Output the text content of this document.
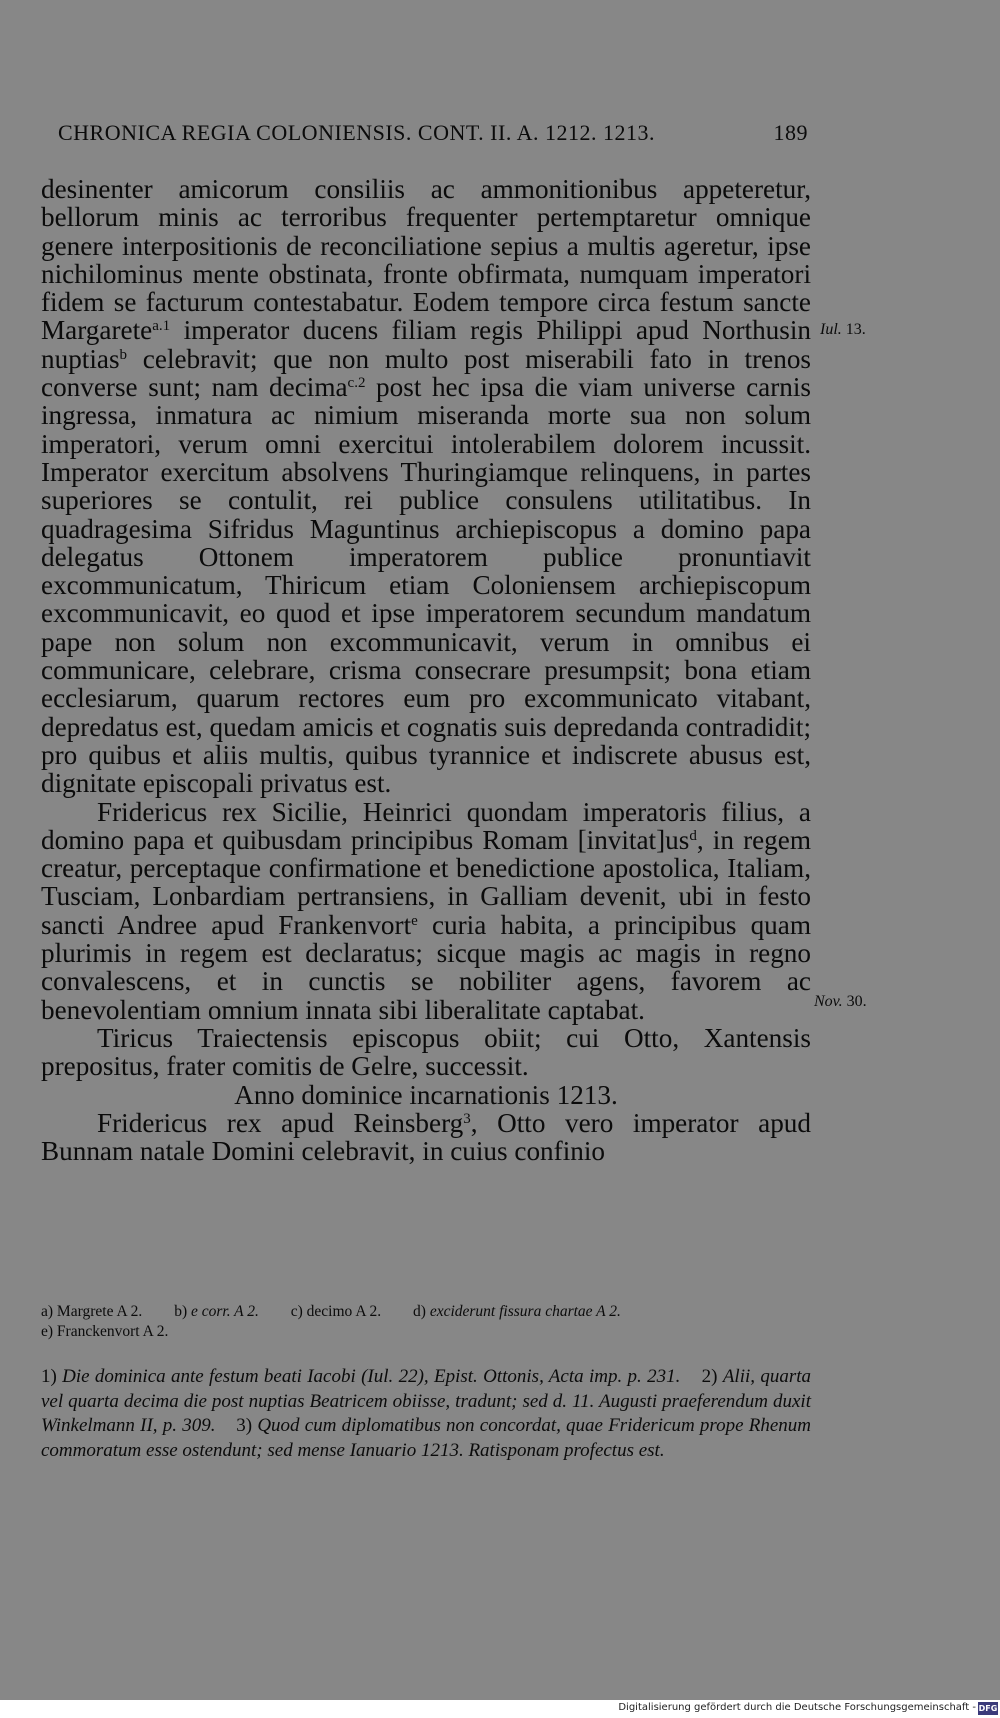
CHRONICA REGIA COLONIENSIS. CONT. II. A. 1212. 1213.	189

desinenter amicorum consiliis ac ammonitionibus appeteretur, bellorum minis ac terroribus frequenter pertemptaretur omnique genere interpositionis de reconciliatione sepius a multis ageretur, ipse nichilominus mente obstinata, fronte obfirmata, numquam imperatori fidem se facturum contestabatur. Eodem tempore circa festum sancte Margarete$^{a.1}$ imperator ducens filiam regis Philippi apud Northusin nuptias$^b$ celebravit; que non multo post miserabili fato in trenos converse sunt; nam decima$^{c.2}$ post hec ipsa die viam universe carnis ingressa, inmatura ac nimium miseranda morte sua non solum imperatori, verum omni exercitui intolerabilem dolorem incussit. Imperator exercitum absolvens Thuringiamque relinquens, in partes superiores se contulit, rei publice consulens utilitatibus. In quadragesima Sifridus Maguntinus archiepiscopus a domino papa delegatus Ottonem imperatorem publice pronuntiavit excommunicatum, Thiricum etiam Coloniensem archiepiscopum excommunicavit, eo quod et ipse imperatorem secundum mandatum pape non solum non excommunicavit, verum in omnibus ei communicare, celebrare, crisma consecrare presumpsit; bona etiam ecclesiarum, quarum rectores eum pro excommunicato vitabant, depredatus est, quedam amicis et cognatis suis depredanda contradidit; pro quibus et aliis multis, quibus tyrannice et indiscrete abusus est, dignitate episcopali privatus est.

Fridericus rex Sicilie, Heinrici quondam imperatoris filius, a domino papa et quibusdam principibus Romam $[invitat]us^d$, in regem creatur, perceptaque confirmatione et benedictione apostolica, Italiam, Tusciam, Lonbardiam pertransiens, in Galliam devenit, ubi in festo sancti Andree apud Frankenvort$^e$ curia habita, a principibus quam plurimis in regem est declaratus; sicque magis ac magis in regno convalescens, et in cunctis se nobiliter agens, favorem ac benevolentiam omnium innata sibi liberalitate captabat.

Tiricus Traiectensis episcopus obiit; cui Otto, Xantensis prepositus, frater comitis de Gelre, successit.

Anno dominice incarnationis 1213.

Fridericus rex apud Reinsberg$^3$, Otto vero imperator apud Bunnam natale Domini celebravit, in cuius confinio

Iul. 13.
Nov. 30.
a) Margrete A 2. b) e corr. A 2. c) decimo A 2. d) exciderunt fissura chartae A 2.
e) Franckenvort A 2.
1) Die dominica ante festum beati Iacobi (Iul. 22), Epist. Ottonis, Acta imp. p. 231. 2) Alii, quarta vel quarta decima die post nuptias Beatricem obiisse, tradunt; sed d. 11. Augusti praeferendum duxit Winkelmann II, p. 309. 3) Quod cum diplomatibus non concordat, quae Fridericum prope Rhenum commoratum esse ostendunt; sed mense Ianuario 1213. Ratisponam profectus est.
Digitalisierung gefördert durch die Deutsche Forschungsgemeinschaft - DFG
